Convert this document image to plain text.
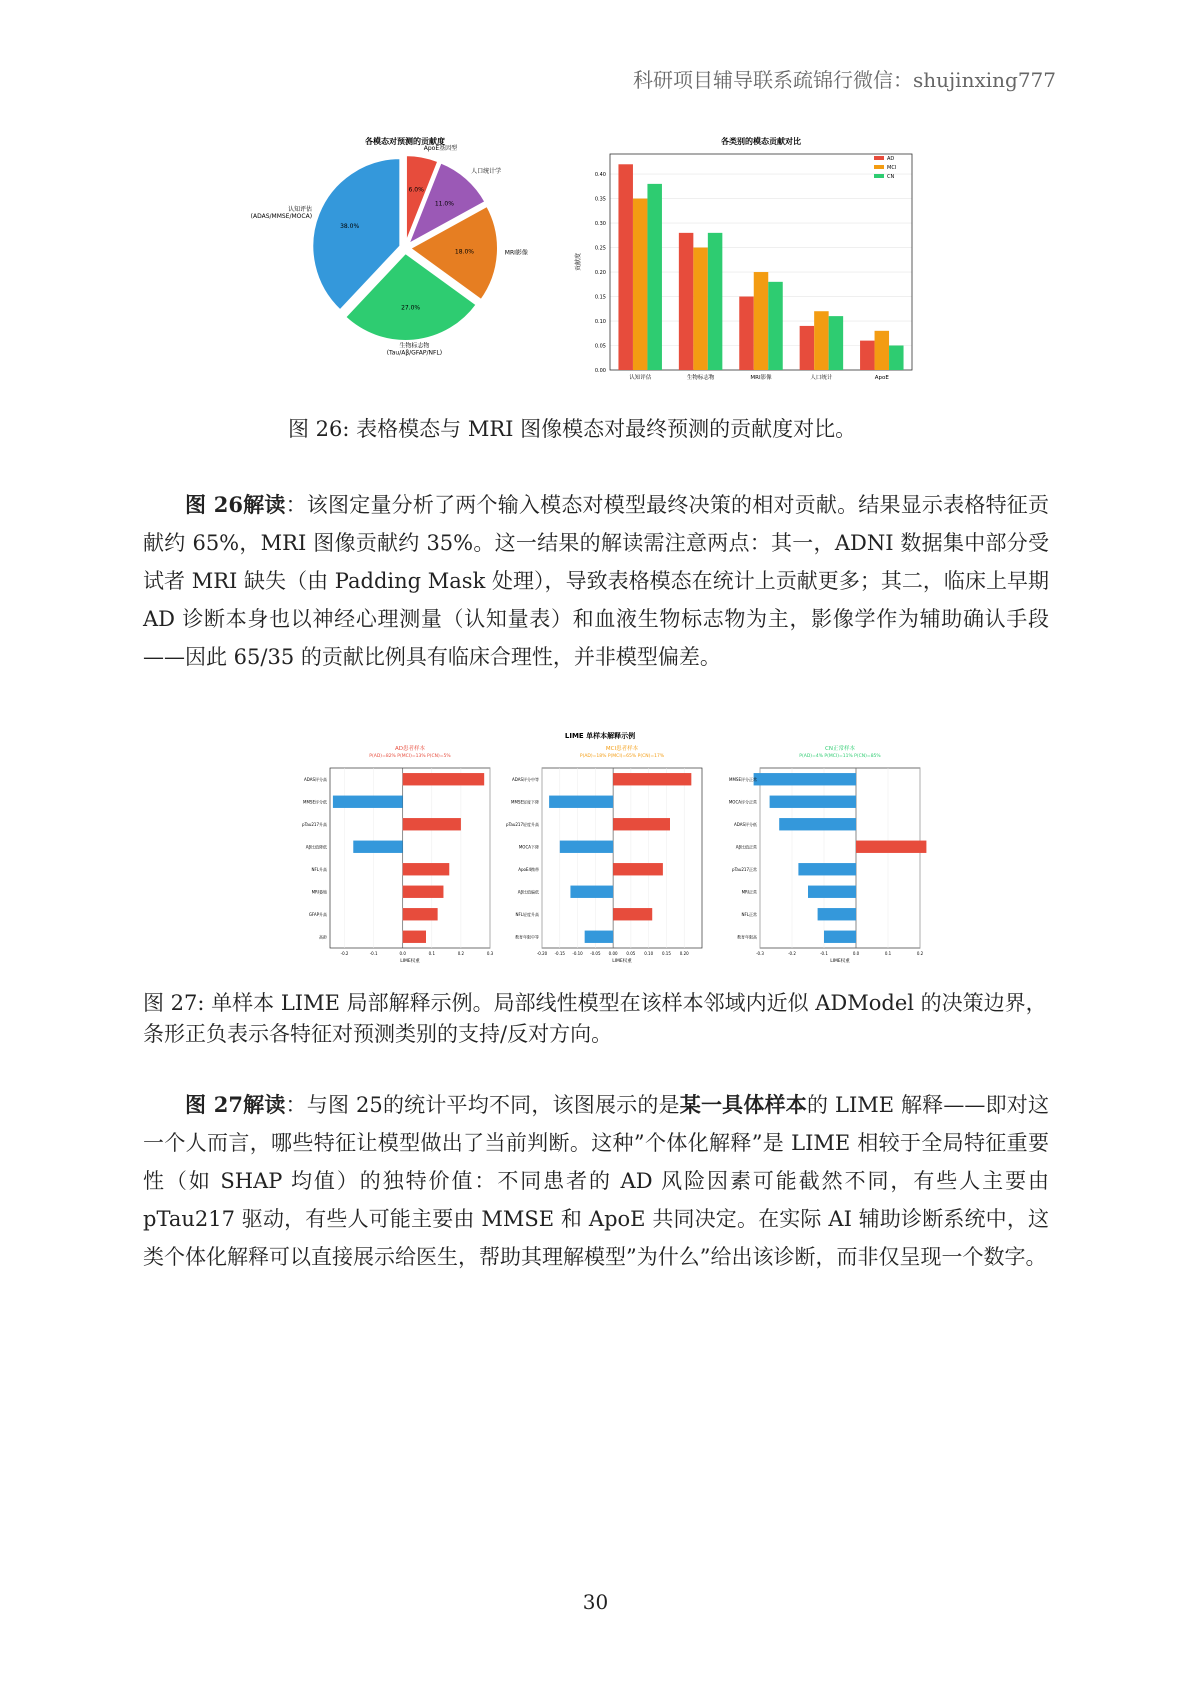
科研项目辅导联系疏锦行微信：shujinxing777
各模态对预测的贡献度
6.0%
ApoE基因型
11.0%
人口统计学
18.0%	MRI影像
27.0%
生物标志物(Tau/Aβ/GFAP/NFL)
38.0%
认知评估(ADAS/MMSE/MOCA)
各类别的模态贡献对比
0.00
0.05
0.10
0.15
0.20
0.25
0.30
0.35
0.40
贡献度
认知评估	生物标志物	MRI影像	人口统计	ApoE
AD
MCI
CN
图 26: 表格模态与 MRI 图像模态对最终预测的贡献度对比。
图 26解读：该图定量分析了两个输入模态对模型最终决策的相对贡献。结果显示表格特征贡献约 65%，MRI 图像贡献约 35%。这一结果的解读需注意两点：其一，ADNI 数据集中部分受试者 MRI 缺失（由 Padding Mask 处理），导致表格模态在统计上贡献更多；其二，临床上早期 AD 诊断本身也以神经心理测量（认知量表）和血液生物标志物为主，影像学作为辅助确认手段——因此 65/35 的贡献比例具有临床合理性，并非模型偏差。
LIME 单样本解释示例
AD患者样本
P(AD)=82% P(MCI)=13% P(CN)=5%
-0.2	-0.1	0.0	0.1	0.2	0.3
LIME权重
ADAS评分高
MMSE评分低
pTau217升高
Aβ比值降低
NFL升高
MRI萎缩
GFAP升高
高龄
MCI患者样本
P(AD)=18% P(MCI)=65% P(CN)=17%
-0.20 -0.15 -0.10 -0.05 0.00 0.05 0.10 0.15 0.20
LIME权重
ADAS评分中等
MMSE轻度下降
pTau217轻度升高
MOCA下降
ApoE4携带
Aβ比值偏低
NFL轻度升高
教育年限中等
CN正常样本
P(AD)=4% P(MCI)=11% P(CN)=85%
-0.3	-0.2	-0.1	0.0	0.1	0.2
LIME权重
MMSE评分正常
MOCA评分正常
ADAS评分低
Aβ比值正常
pTau217正常
MRI正常
NFL正常
教育年限高
图 27: 单样本 LIME 局部解释示例。局部线性模型在该样本邻域内近似 ADModel 的决策边界，条形正负表示各特征对预测类别的支持/反对方向。
图 27解读：与图 25的统计平均不同，该图展示的是某一具体样本的 LIME 解释——即对这一个人而言，哪些特征让模型做出了当前判断。这种”个体化解释”是 LIME 相较于全局特征重要性（如 SHAP 均值）的独特价值：不同患者的 AD 风险因素可能截然不同，有些人主要由 pTau217 驱动，有些人可能主要由 MMSE 和 ApoE 共同决定。在实际 AI 辅助诊断系统中，这类个体化解释可以直接展示给医生，帮助其理解模型”为什么”给出该诊断，而非仅呈现一个数字。
30
